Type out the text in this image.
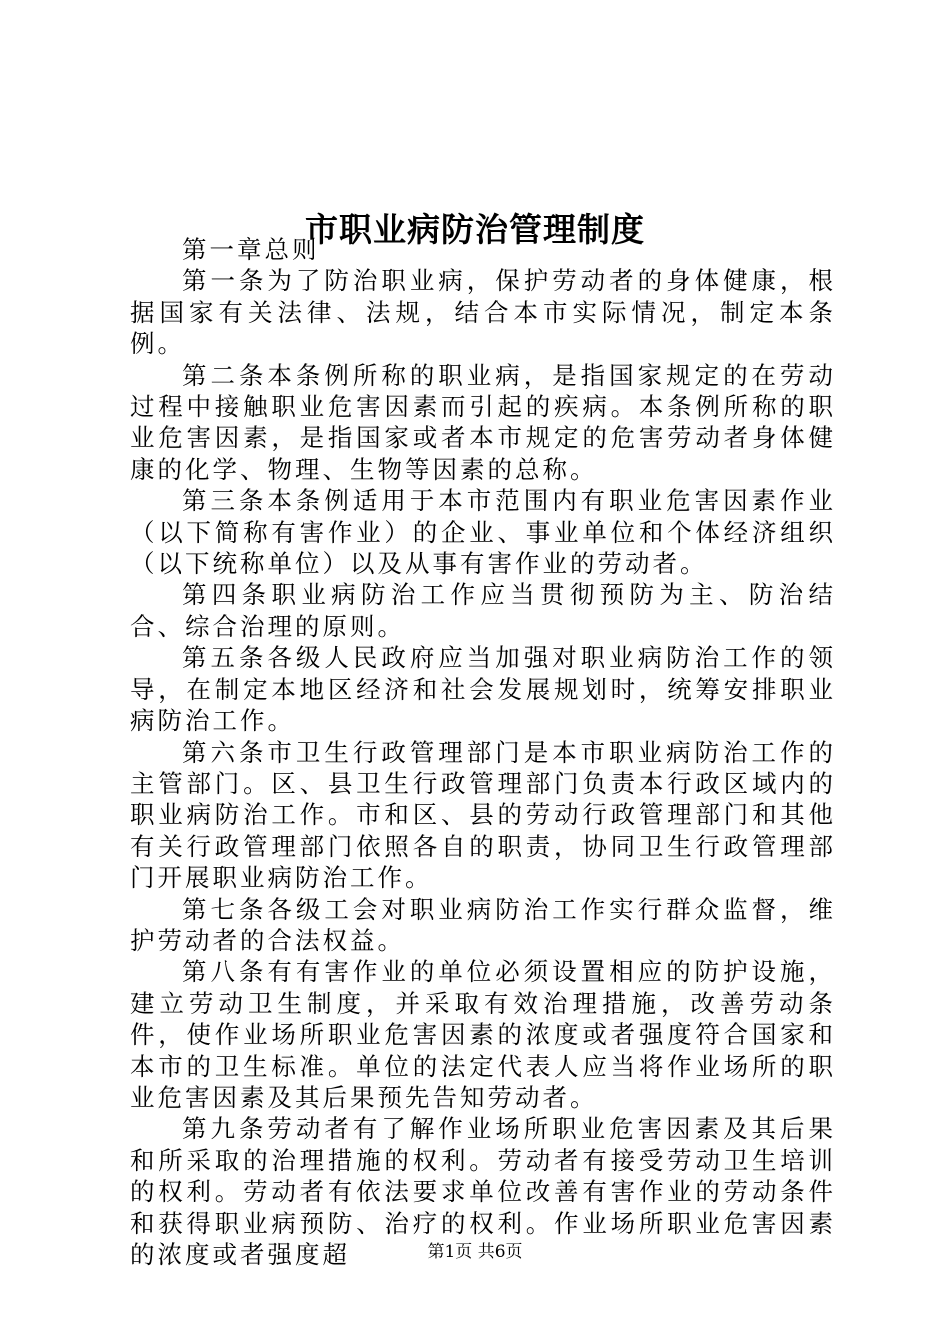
市职业病防治管理制度

第一章总则

第一条为了防治职业病，保护劳动者的身体健康，根据国家有关法律、法规，结合本市实际情况，制定本条例。

第二条本条例所称的职业病，是指国家规定的在劳动过程中接触职业危害因素而引起的疾病。本条例所称的职业危害因素，是指国家或者本市规定的危害劳动者身体健康的化学、物理、生物等因素的总称。

第三条本条例适用于本市范围内有职业危害因素作业（以下简称有害作业）的企业、事业单位和个体经济组织（以下统称单位）以及从事有害作业的劳动者。

第四条职业病防治工作应当贯彻预防为主、防治结合、综合治理的原则。

第五条各级人民政府应当加强对职业病防治工作的领导，在制定本地区经济和社会发展规划时，统筹安排职业病防治工作。

第六条市卫生行政管理部门是本市职业病防治工作的主管部门。区、县卫生行政管理部门负责本行政区域内的职业病防治工作。市和区、县的劳动行政管理部门和其他有关行政管理部门依照各自的职责，协同卫生行政管理部门开展职业病防治工作。

第七条各级工会对职业病防治工作实行群众监督，维护劳动者的合法权益。

第八条有有害作业的单位必须设置相应的防护设施，建立劳动卫生制度，并采取有效治理措施，改善劳动条件，使作业场所职业危害因素的浓度或者强度符合国家和本市的卫生标准。单位的法定代表人应当将作业场所的职业危害因素及其后果预先告知劳动者。

第九条劳动者有了解作业场所职业危害因素及其后果和所采取的治理措施的权利。劳动者有接受劳动卫生培训的权利。劳动者有依法要求单位改善有害作业的劳动条件和获得职业病预防、治疗的权利。作业场所职业危害因素的浓度或者强度超	第1页 共6页
